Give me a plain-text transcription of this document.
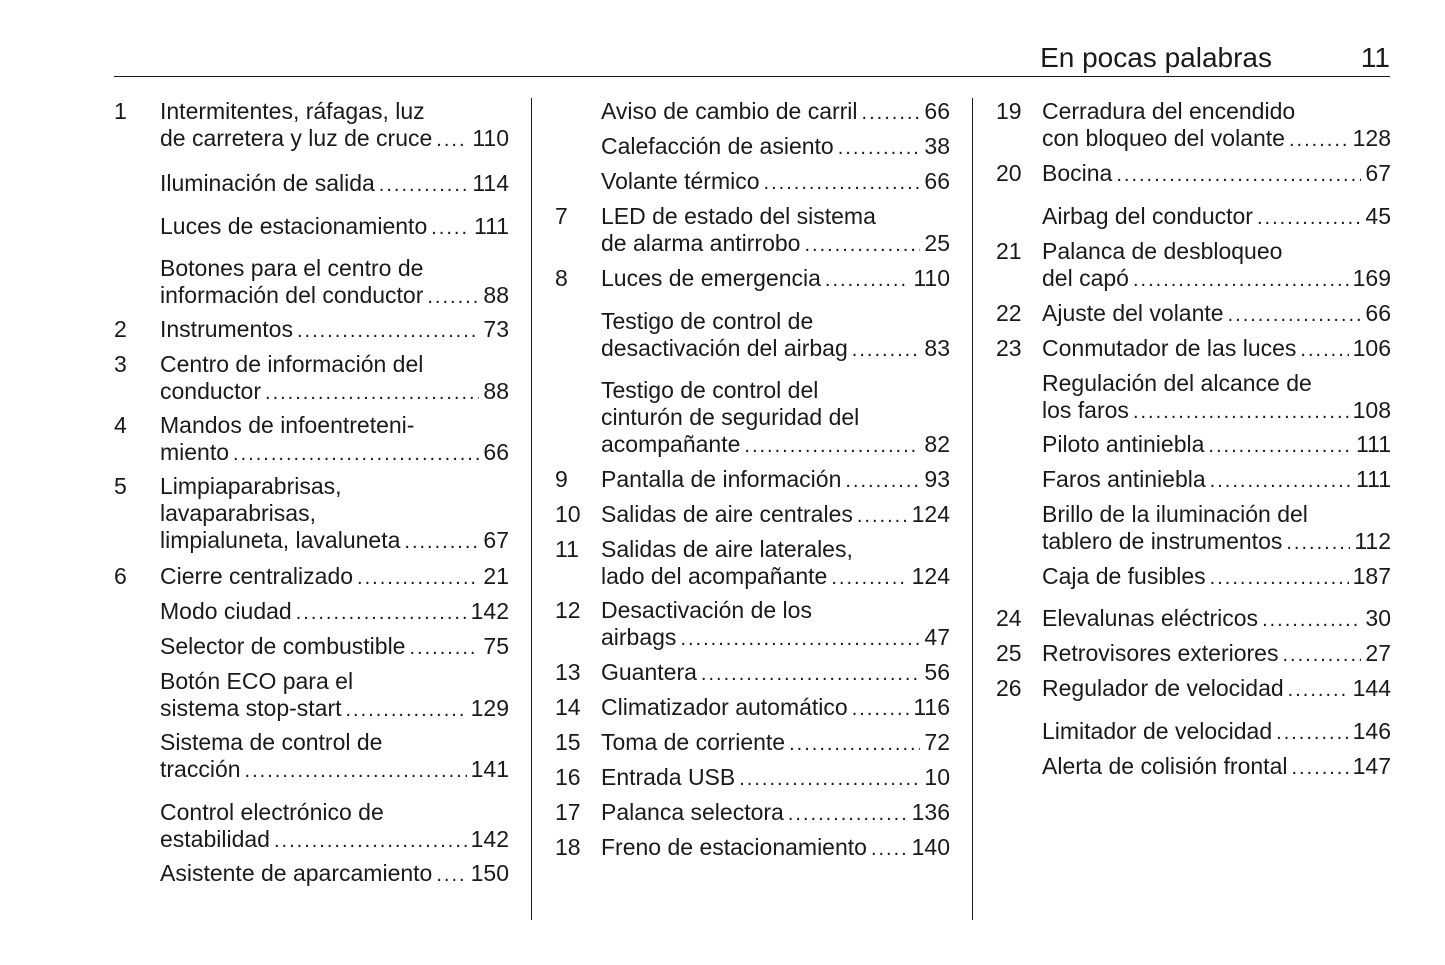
En pocas palabras	11
1 Intermitentes, ráfagas, luz
de carretera y luz de cruce ..... 110
Iluminación de salida .....	114
Luces de estacionamiento ..... 111
Botones para el centro de
información del conductor .....	88
2 Instrumentos .....	73
3 Centro de información del
conductor .....	88
4 Mandos de infoentreteni-
miento .....	66
5 Limpiaparabrisas,
lavaparabrisas,
limpialuneta, lavaluneta .....	67
6 Cierre centralizado .....	21
Modo ciudad .....	142
Selector de combustible .....	75
Botón ECO para el
sistema stop-start .....	129
Sistema de control de
tracción .....	141
Control electrónico de
estabilidad .....	142
Asistente de aparcamiento ..... 150
Aviso de cambio de carril .....	66
Calefacción de asiento .....	38
Volante térmico .....	66
7 LED de estado del sistema
de alarma antirrobo .....	25
8 Luces de emergencia .....	110
Testigo de control de
desactivación del airbag .....	83
Testigo de control del
cinturón de seguridad del
acompañante .....	82
9 Pantalla de información .....	93
10 Salidas de aire centrales .....	124
11 Salidas de aire laterales,
lado del acompañante .....	124
12 Desactivación de los
airbags .....	47
13 Guantera .....	56
14 Climatizador automático .....	116
15 Toma de corriente .....	72
16 Entrada USB .....	10
17 Palanca selectora .....	136
18 Freno de estacionamiento ..... 140
19 Cerradura del encendido
con bloqueo del volante .....	128
20 Bocina .....	67
Airbag del conductor .....	45
21 Palanca de desbloqueo
del capó .....	169
22 Ajuste del volante .....	66
23 Conmutador de las luces ..... 106
Regulación del alcance de
los faros .....	108
Piloto antiniebla .....	111
Faros antiniebla .....	111
Brillo de la iluminación del
tablero de instrumentos .....	112
Caja de fusibles .....	187
24 Elevalunas eléctricos .....	30
25 Retrovisores exteriores .....	27
26 Regulador de velocidad .....	144
Limitador de velocidad .....	146
Alerta de colisión frontal .....	147
